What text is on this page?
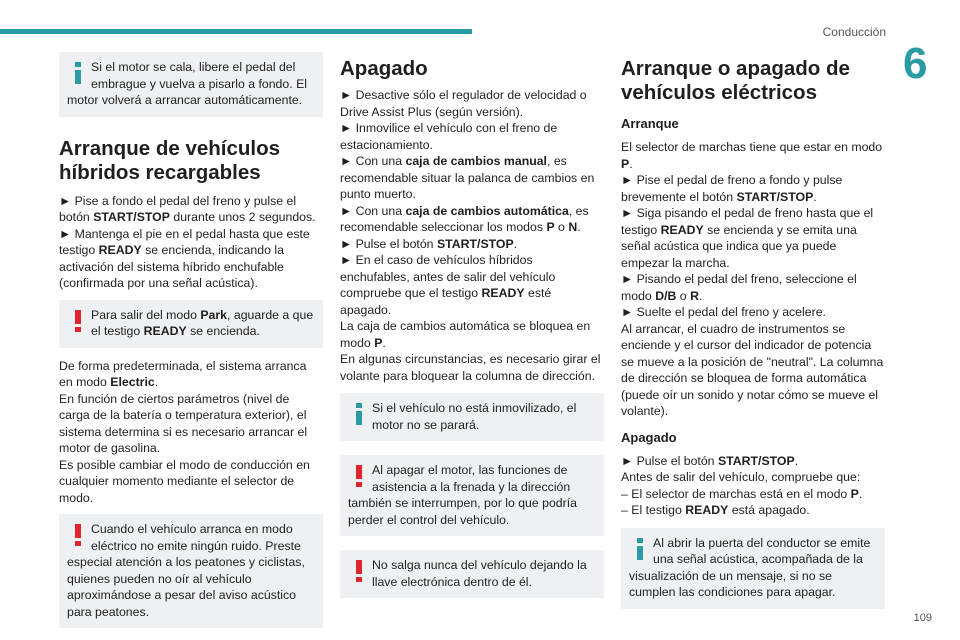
Conducción
6
109
Si el motor se cala, libere el pedal del
embrague y vuelva a pisarlo a fondo. El motor volverá a arrancar automáticamente.
Arranque de vehículos
híbridos recargables

► Pise a fondo el pedal del freno y pulse el botón START/STOP durante unos 2 segundos.

► Mantenga el pie en el pedal hasta que este testigo READY se encienda, indicando la activación del sistema híbrido enchufable (confirmada por una señal acústica).

Para salir del modo Park, aguarde a que el testigo READY se encienda.

De forma predeterminada, el sistema arranca en modo Electric.

En función de ciertos parámetros (nivel de carga de la batería o temperatura exterior), el sistema determina si es necesario arrancar el motor de gasolina.

Es posible cambiar el modo de conducción en cualquier momento mediante el selector de modo.

Cuando el vehículo arranca en modo
eléctrico no emite ningún ruido. Preste especial atención a los peatones y ciclistas, quienes pueden no oír al vehículo aproximándose a pesar del aviso acústico para peatones.
Apagado

► Desactive sólo el regulador de velocidad o Drive Assist Plus (según versión).

► Inmovilice el vehículo con el freno de estacionamiento.

► Con una caja de cambios manual, es recomendable situar la palanca de cambios en punto muerto.

► Con una caja de cambios automática, es recomendable seleccionar los modos P o N.

► Pulse el botón START/STOP.

► En el caso de vehículos híbridos enchufables, antes de salir del vehículo compruebe que el testigo READY esté apagado.

La caja de cambios automática se bloquea en modo P.

En algunas circunstancias, es necesario girar el volante para bloquear la columna de dirección.

Si el vehículo no está inmovilizado, el
motor no se parará.
Al apagar el motor, las funciones de
asistencia a la frenada y la dirección también se interrumpen, por lo que podría perder el control del vehículo.
No salga nunca del vehículo dejando la
llave electrónica dentro de él.
Arranque o apagado de
vehículos eléctricos
Arranque

El selector de marchas tiene que estar en modo P.

► Pise el pedal de freno a fondo y pulse brevemente el botón START/STOP.

► Siga pisando el pedal de freno hasta que el testigo READY se encienda y se emita una señal acústica que indica que ya puede empezar la marcha.

► Pisando el pedal del freno, seleccione el modo D/B o R.

► Suelte el pedal del freno y acelere.

Al arrancar, el cuadro de instrumentos se enciende y el cursor del indicador de potencia se mueve a la posición de "neutral". La columna de dirección se bloquea de forma automática (puede oír un sonido y notar cómo se mueve el volante).

Apagado

► Pulse el botón START/STOP.

Antes de salir del vehículo, compruebe que:

– El selector de marchas está en el modo P.

– El testigo READY está apagado.

Al abrir la puerta del conductor se emite
una señal acústica, acompañada de la visualización de un mensaje, si no se cumplen las condiciones para apagar.
